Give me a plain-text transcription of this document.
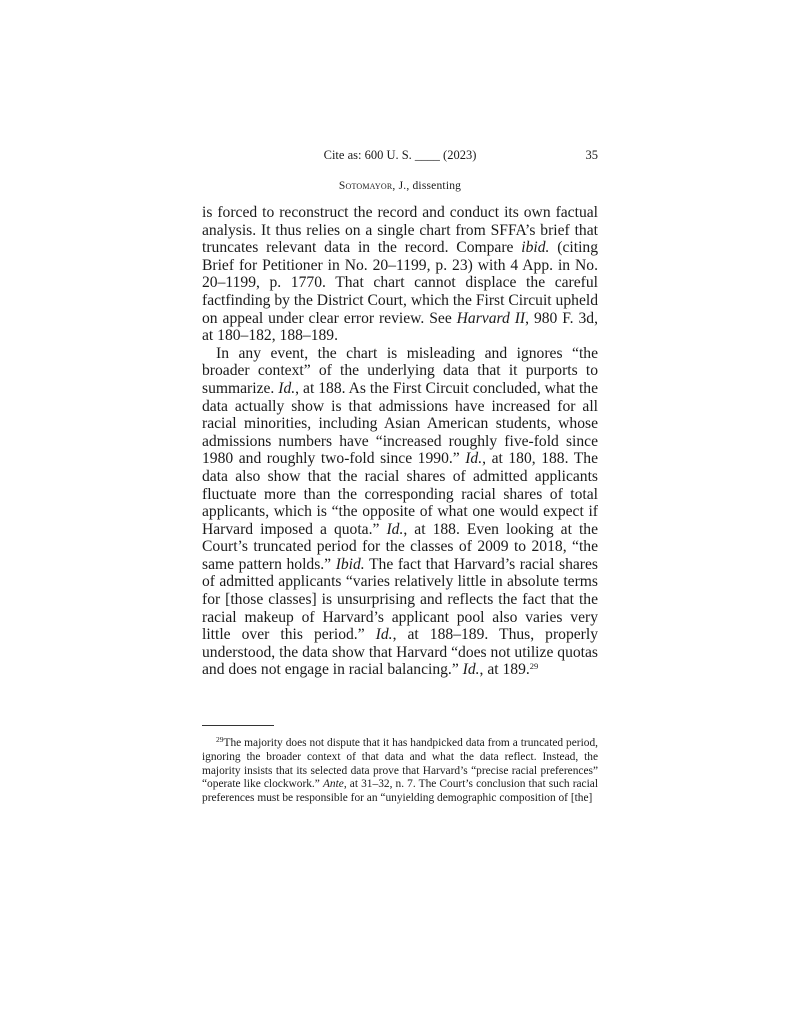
Cite as: 600 U. S. ____ (2023)	35
Sotomayor, J., dissenting

is forced to reconstruct the record and conduct its own factual analysis. It thus relies on a single chart from SFFA’s brief that truncates relevant data in the record. Compare ibid. (citing Brief for Petitioner in No. 20–1199, p. 23) with 4 App. in No. 20–1199, p. 1770. That chart cannot displace the careful factfinding by the District Court, which the First Circuit upheld on appeal under clear error review. See Harvard II, 980 F. 3d, at 180–182, 188–189.

In any event, the chart is misleading and ignores “the broader context” of the underlying data that it purports to summarize. Id., at 188. As the First Circuit concluded, what the data actually show is that admissions have increased for all racial minorities, including Asian American students, whose admissions numbers have “increased roughly five-fold since 1980 and roughly two-fold since 1990.” Id., at 180, 188. The data also show that the racial shares of admitted applicants fluctuate more than the corresponding racial shares of total applicants, which is “the opposite of what one would expect if Harvard imposed a quota.” Id., at 188. Even looking at the Court’s truncated period for the classes of 2009 to 2018, “the same pattern holds.” Ibid. The fact that Harvard’s racial shares of admitted applicants “varies relatively little in absolute terms for [those classes] is unsurprising and reflects the fact that the racial makeup of Harvard’s applicant pool also varies very little over this period.” Id., at 188–189. Thus, properly understood, the data show that Harvard “does not utilize quotas and does not engage in racial balancing.” Id., at 189.29

$^{29}$The majority does not dispute that it has handpicked data from a truncated period, ignoring the broader context of that data and what the data reflect. Instead, the majority insists that its selected data prove that Harvard’s “precise racial preferences” “operate like clockwork.” Ante, at 31–32, n. 7. The Court’s conclusion that such racial preferences must be responsible for an “unyielding demographic composition of [the]
